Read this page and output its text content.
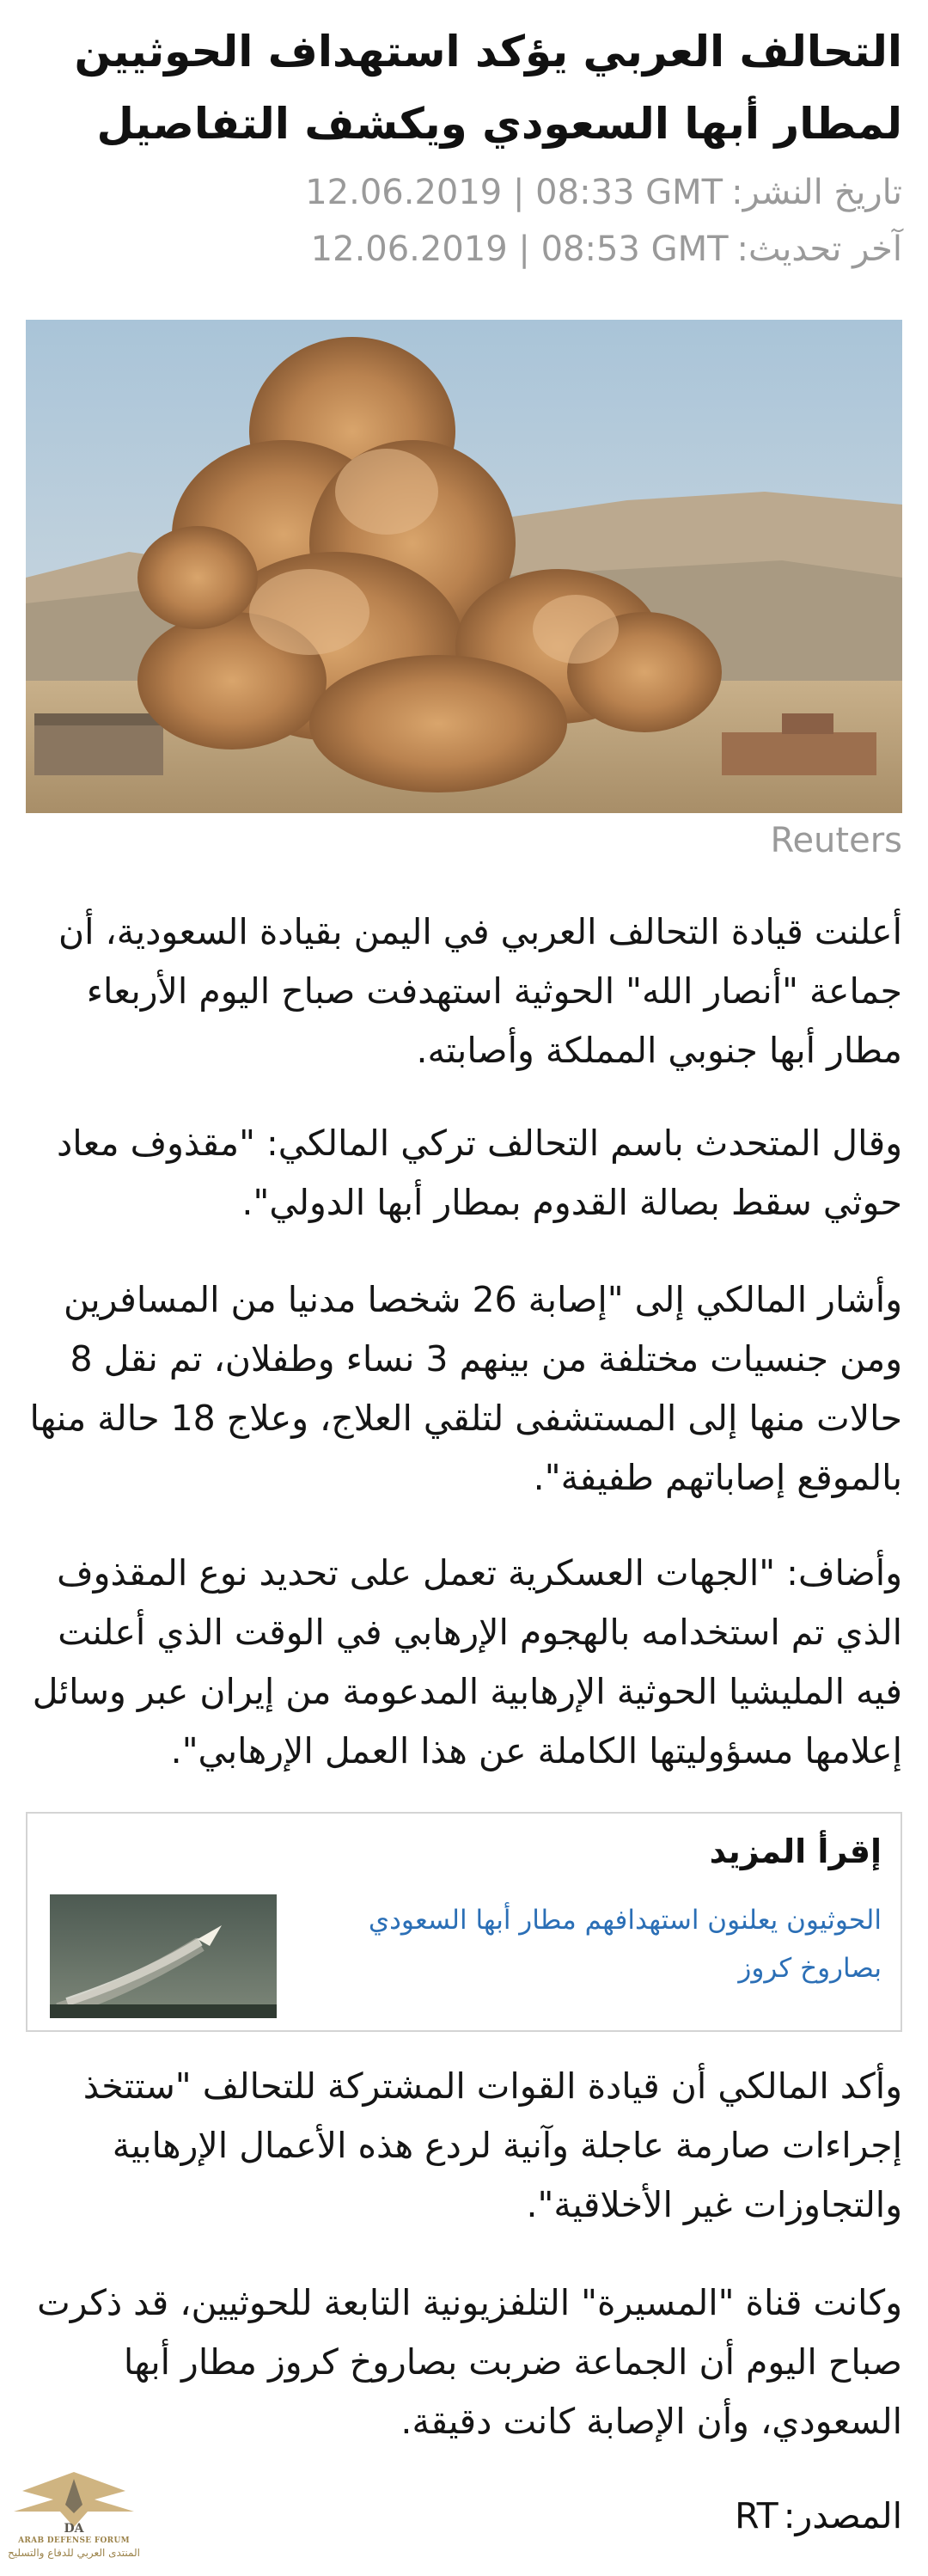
التحالف العربي يؤكد استهداف الحوثيين لمطار أبها السعودي ويكشف التفاصيل
تاريخ النشر:12.06.2019 | 08:33 GMT
آخر تحديث:12.06.2019 | 08:53 GMT
Reuters

أعلنت قيادة التحالف العربي في اليمن بقيادة السعودية، أن جماعة "أنصار الله" الحوثية استهدفت صباح اليوم الأربعاء مطار أبها جنوبي المملكة وأصابته.

وقال المتحدث باسم التحالف تركي المالكي: "مقذوف معاد حوثي سقط بصالة القدوم بمطار أبها الدولي".

وأشار المالكي إلى "إصابة 26 شخصا مدنيا من المسافرين ومن جنسيات مختلفة من بينهم 3 نساء وطفلان، تم نقل 8 حالات منها إلى المستشفى لتلقي العلاج، وعلاج 18 حالة منها بالموقع إصاباتهم طفيفة".

وأضاف: "الجهات العسكرية تعمل على تحديد نوع المقذوف الذي تم استخدامه بالهجوم الإرهابي في الوقت الذي أعلنت فيه المليشيا الحوثية الإرهابية المدعومة من إيران عبر وسائل إعلامها مسؤوليتها الكاملة عن هذا العمل الإرهابي".

إقرأ المزيد
الحوثيون يعلنون استهدافهم مطار أبها السعودي بصاروخ كروز

وأكد المالكي أن قيادة القوات المشتركة للتحالف "ستتخذ إجراءات صارمة عاجلة وآنية لردع هذه الأعمال الإرهابية والتجاوزات غير الأخلاقية".

وكانت قناة "المسيرة" التلفزيونية التابعة للحوثيين، قد ذكرت صباح اليوم أن الجماعة ضربت بصاروخ كروز مطار أبها السعودي، وأن الإصابة كانت دقيقة.

المصدر:RT
DA
ARAB DEFENSE FORUM
المنتدى العربي للدفاع والتسليح
